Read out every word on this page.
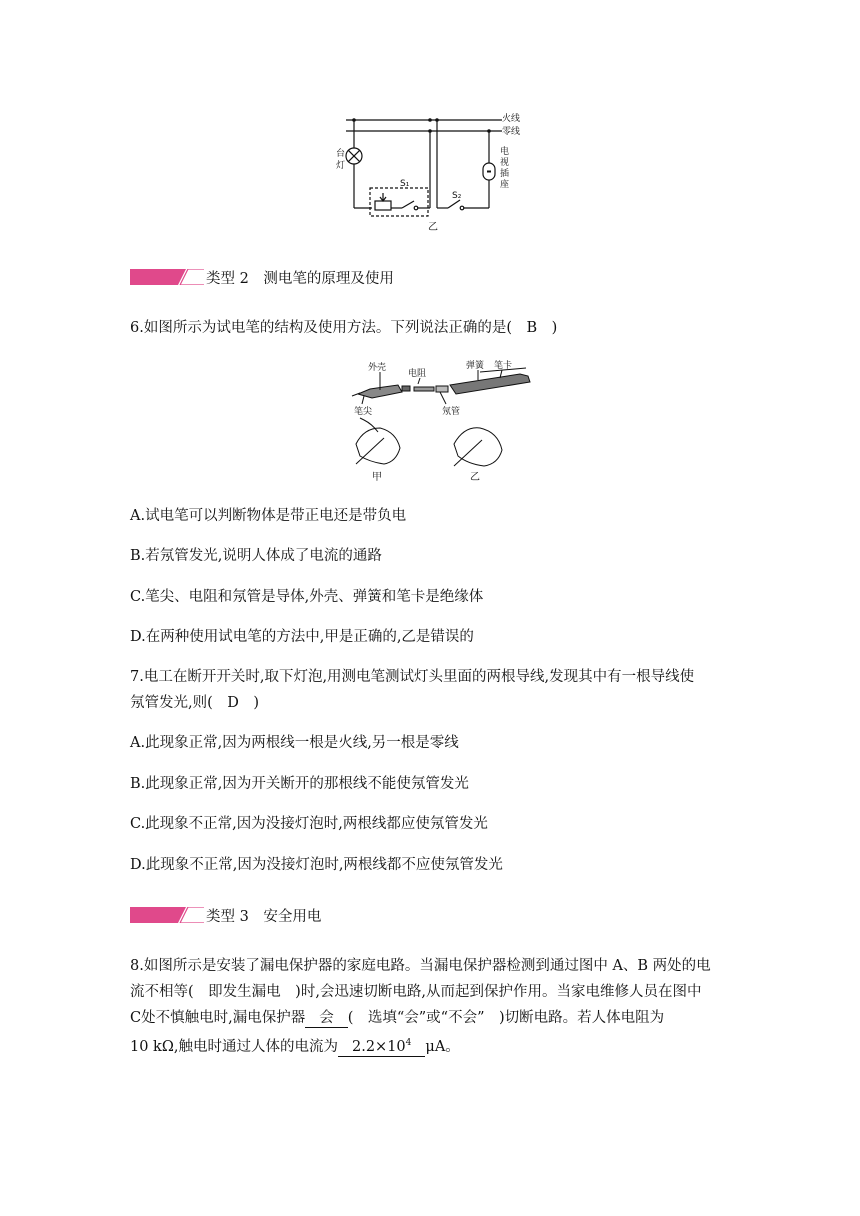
火线
零线
台
灯
S₁
S₂
电
视
插
座
乙
类型 2　测电笔的原理及使用
6.如图所示为试电笔的结构及使用方法。下列说法正确的是(　B　)
外壳
电阻
弹簧 笔卡
笔尖	氖管
甲	乙
A.试电笔可以判断物体是带正电还是带负电
B.若氖管发光,说明人体成了电流的通路
C.笔尖、电阻和氖管是导体,外壳、弹簧和笔卡是绝缘体
D.在两种使用试电笔的方法中,甲是正确的,乙是错误的
7.电工在断开开关时,取下灯泡,用测电笔测试灯头里面的两根导线,发现其中有一根导线使
氖管发光,则(　D　)
A.此现象正常,因为两根线一根是火线,另一根是零线
B.此现象正常,因为开关断开的那根线不能使氖管发光
C.此现象不正常,因为没接灯泡时,两根线都应使氖管发光
D.此现象不正常,因为没接灯泡时,两根线都不应使氖管发光
类型 3　安全用电
8.如图所示是安装了漏电保护器的家庭电路。当漏电保护器检测到通过图中 A、B 两处的电
流不相等(　即发生漏电　)时,会迅速切断电路,从而起到保护作用。当家电维修人员在图中
C处不慎触电时,漏电保护器 会 (　选填“会”或“不会”　)切断电路。若人体电阻为
10 kΩ,触电时通过人体的电流为 $2.2\times 10^4$ μA。
